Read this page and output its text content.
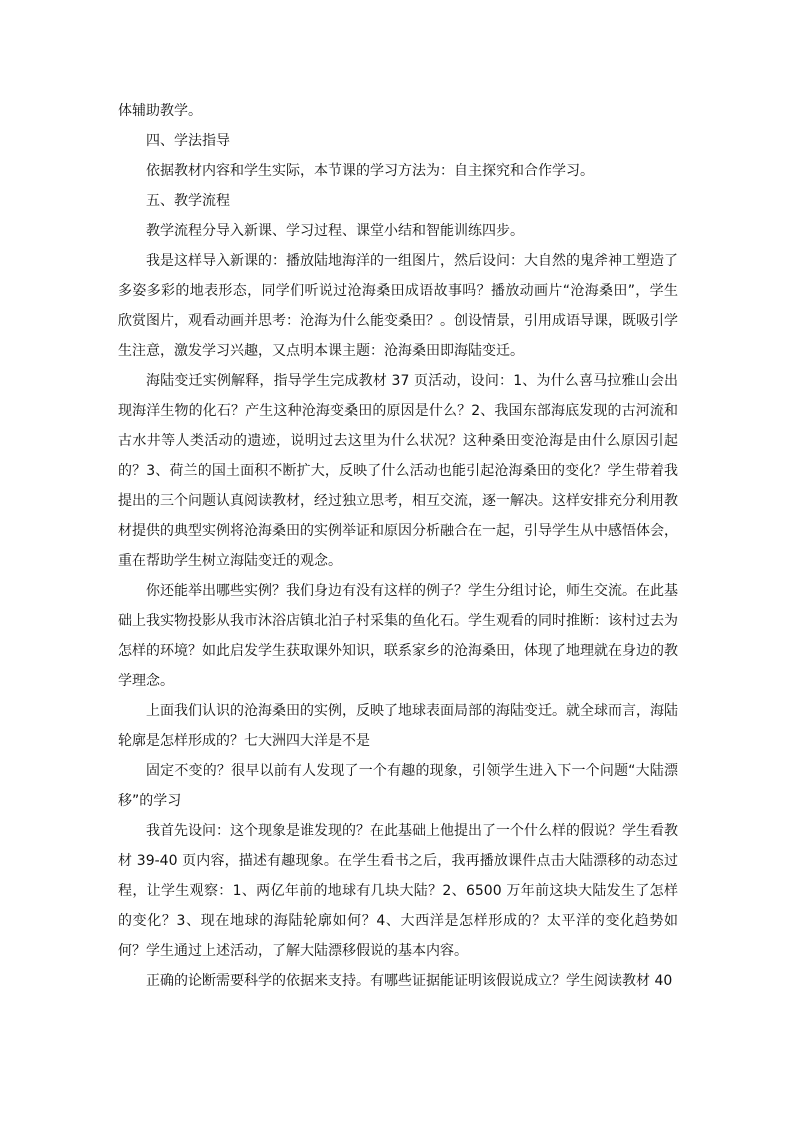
体辅助教学。

四、学法指导

依据教材内容和学生实际，本节课的学习方法为：自主探究和合作学习。

五、教学流程

教学流程分导入新课、学习过程、课堂小结和智能训练四步。

我是这样导入新课的：播放陆地海洋的一组图片，然后设问：大自然的鬼斧神工塑造了多姿多彩的地表形态，同学们听说过沧海桑田成语故事吗？播放动画片“沧海桑田”，学生欣赏图片，观看动画并思考：沧海为什么能变桑田？。创设情景，引用成语导课，既吸引学生注意，激发学习兴趣，又点明本课主题：沧海桑田即海陆变迁。

海陆变迁实例解释，指导学生完成教材 37 页活动，设问：1、为什么喜马拉雅山会出现海洋生物的化石？产生这种沧海变桑田的原因是什么？2、我国东部海底发现的古河流和古水井等人类活动的遗迹，说明过去这里为什么状况？这种桑田变沧海是由什么原因引起的？3、荷兰的国土面积不断扩大，反映了什么活动也能引起沧海桑田的变化？学生带着我提出的三个问题认真阅读教材，经过独立思考，相互交流，逐一解决。这样安排充分利用教材提供的典型实例将沧海桑田的实例举证和原因分析融合在一起，引导学生从中感悟体会，重在帮助学生树立海陆变迁的观念。

你还能举出哪些实例？我们身边有没有这样的例子？学生分组讨论，师生交流。在此基础上我实物投影从我市沐浴店镇北泊子村采集的鱼化石。学生观看的同时推断：该村过去为怎样的环境？如此启发学生获取课外知识，联系家乡的沧海桑田，体现了地理就在身边的教学理念。

上面我们认识的沧海桑田的实例，反映了地球表面局部的海陆变迁。就全球而言，海陆轮廓是怎样形成的？七大洲四大洋是不是

固定不变的？很早以前有人发现了一个有趣的现象，引领学生进入下一个问题“大陆漂移”的学习

我首先设问：这个现象是谁发现的？在此基础上他提出了一个什么样的假说？学生看教材 39-40 页内容，描述有趣现象。在学生看书之后，我再播放课件点击大陆漂移的动态过程，让学生观察：1、两亿年前的地球有几块大陆？2、6500 万年前这块大陆发生了怎样的变化？3、现在地球的海陆轮廓如何？4、大西洋是怎样形成的？太平洋的变化趋势如何？学生通过上述活动，了解大陆漂移假说的基本内容。

正确的论断需要科学的依据来支持。有哪些证据能证明该假说成立？学生阅读教材 40
